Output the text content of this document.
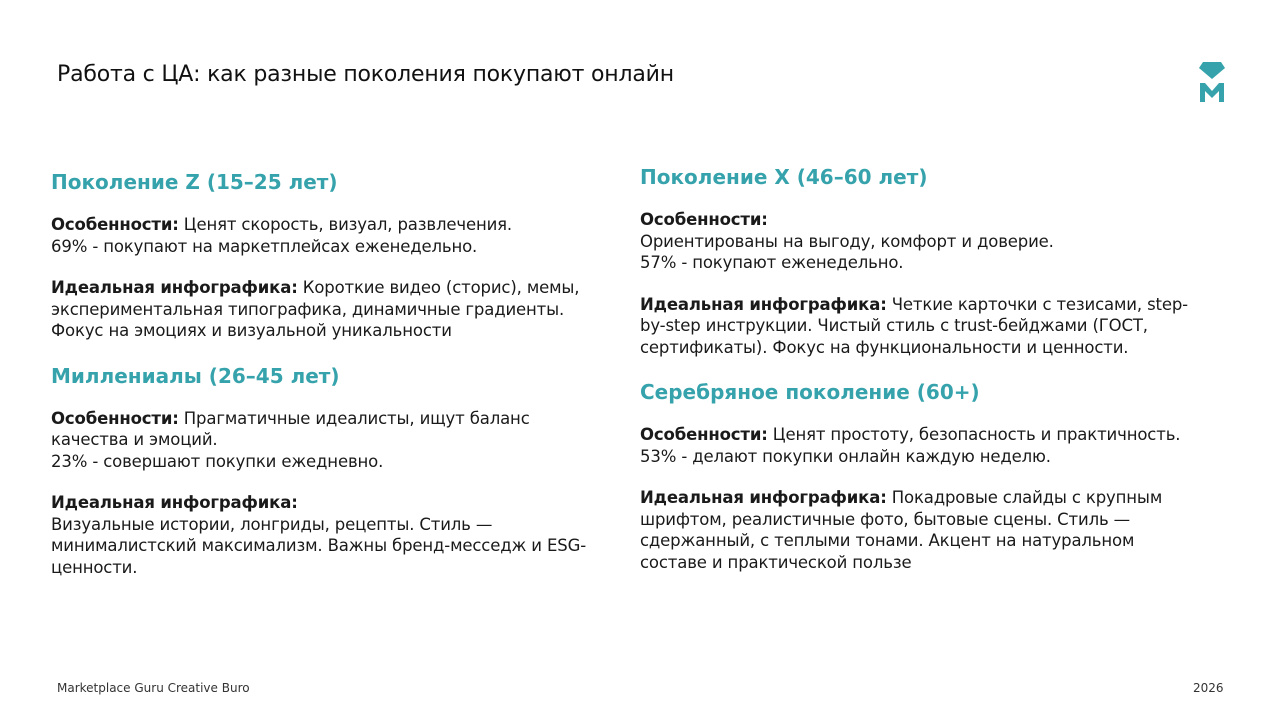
Работа с ЦА: как разные поколения покупают онлайн
Поколение Z (15–25 лет)

Особенности: Ценят скорость, визуал, развлечения.
69% - покупают на маркетплейсах еженедельно.

Идеальная инфографика: Короткие видео (сторис), мемы, экспериментальная типографика, динамичные градиенты. Фокус на эмоциях и визуальной уникальности

Миллениалы (26–45 лет)

Особенности: Прагматичные идеалисты, ищут баланс качества и эмоций.
23% - совершают покупки ежедневно.

Идеальная инфографика:
Визуальные истории, лонгриды, рецепты. Стиль — минималистский максимализм. Важны бренд-месседж и ESG-ценности.

Поколение X (46–60 лет)

Особенности:
Ориентированы на выгоду, комфорт и доверие.
57% - покупают еженедельно.

Идеальная инфографика: Четкие карточки с тезисами, step-by-step инструкции. Чистый стиль с trust-бейджами (ГОСТ, сертификаты). Фокус на функциональности и ценности.

Серебряное поколение (60+)

Особенности: Ценят простоту, безопасность и практичность.
53% - делают покупки онлайн каждую неделю.

Идеальная инфографика: Покадровые слайды с крупным шрифтом, реалистичные фото, бытовые сцены. Стиль — сдержанный, с теплыми тонами. Акцент на натуральном составе и практической пользе

Marketplace Guru Creative Buro	2026
